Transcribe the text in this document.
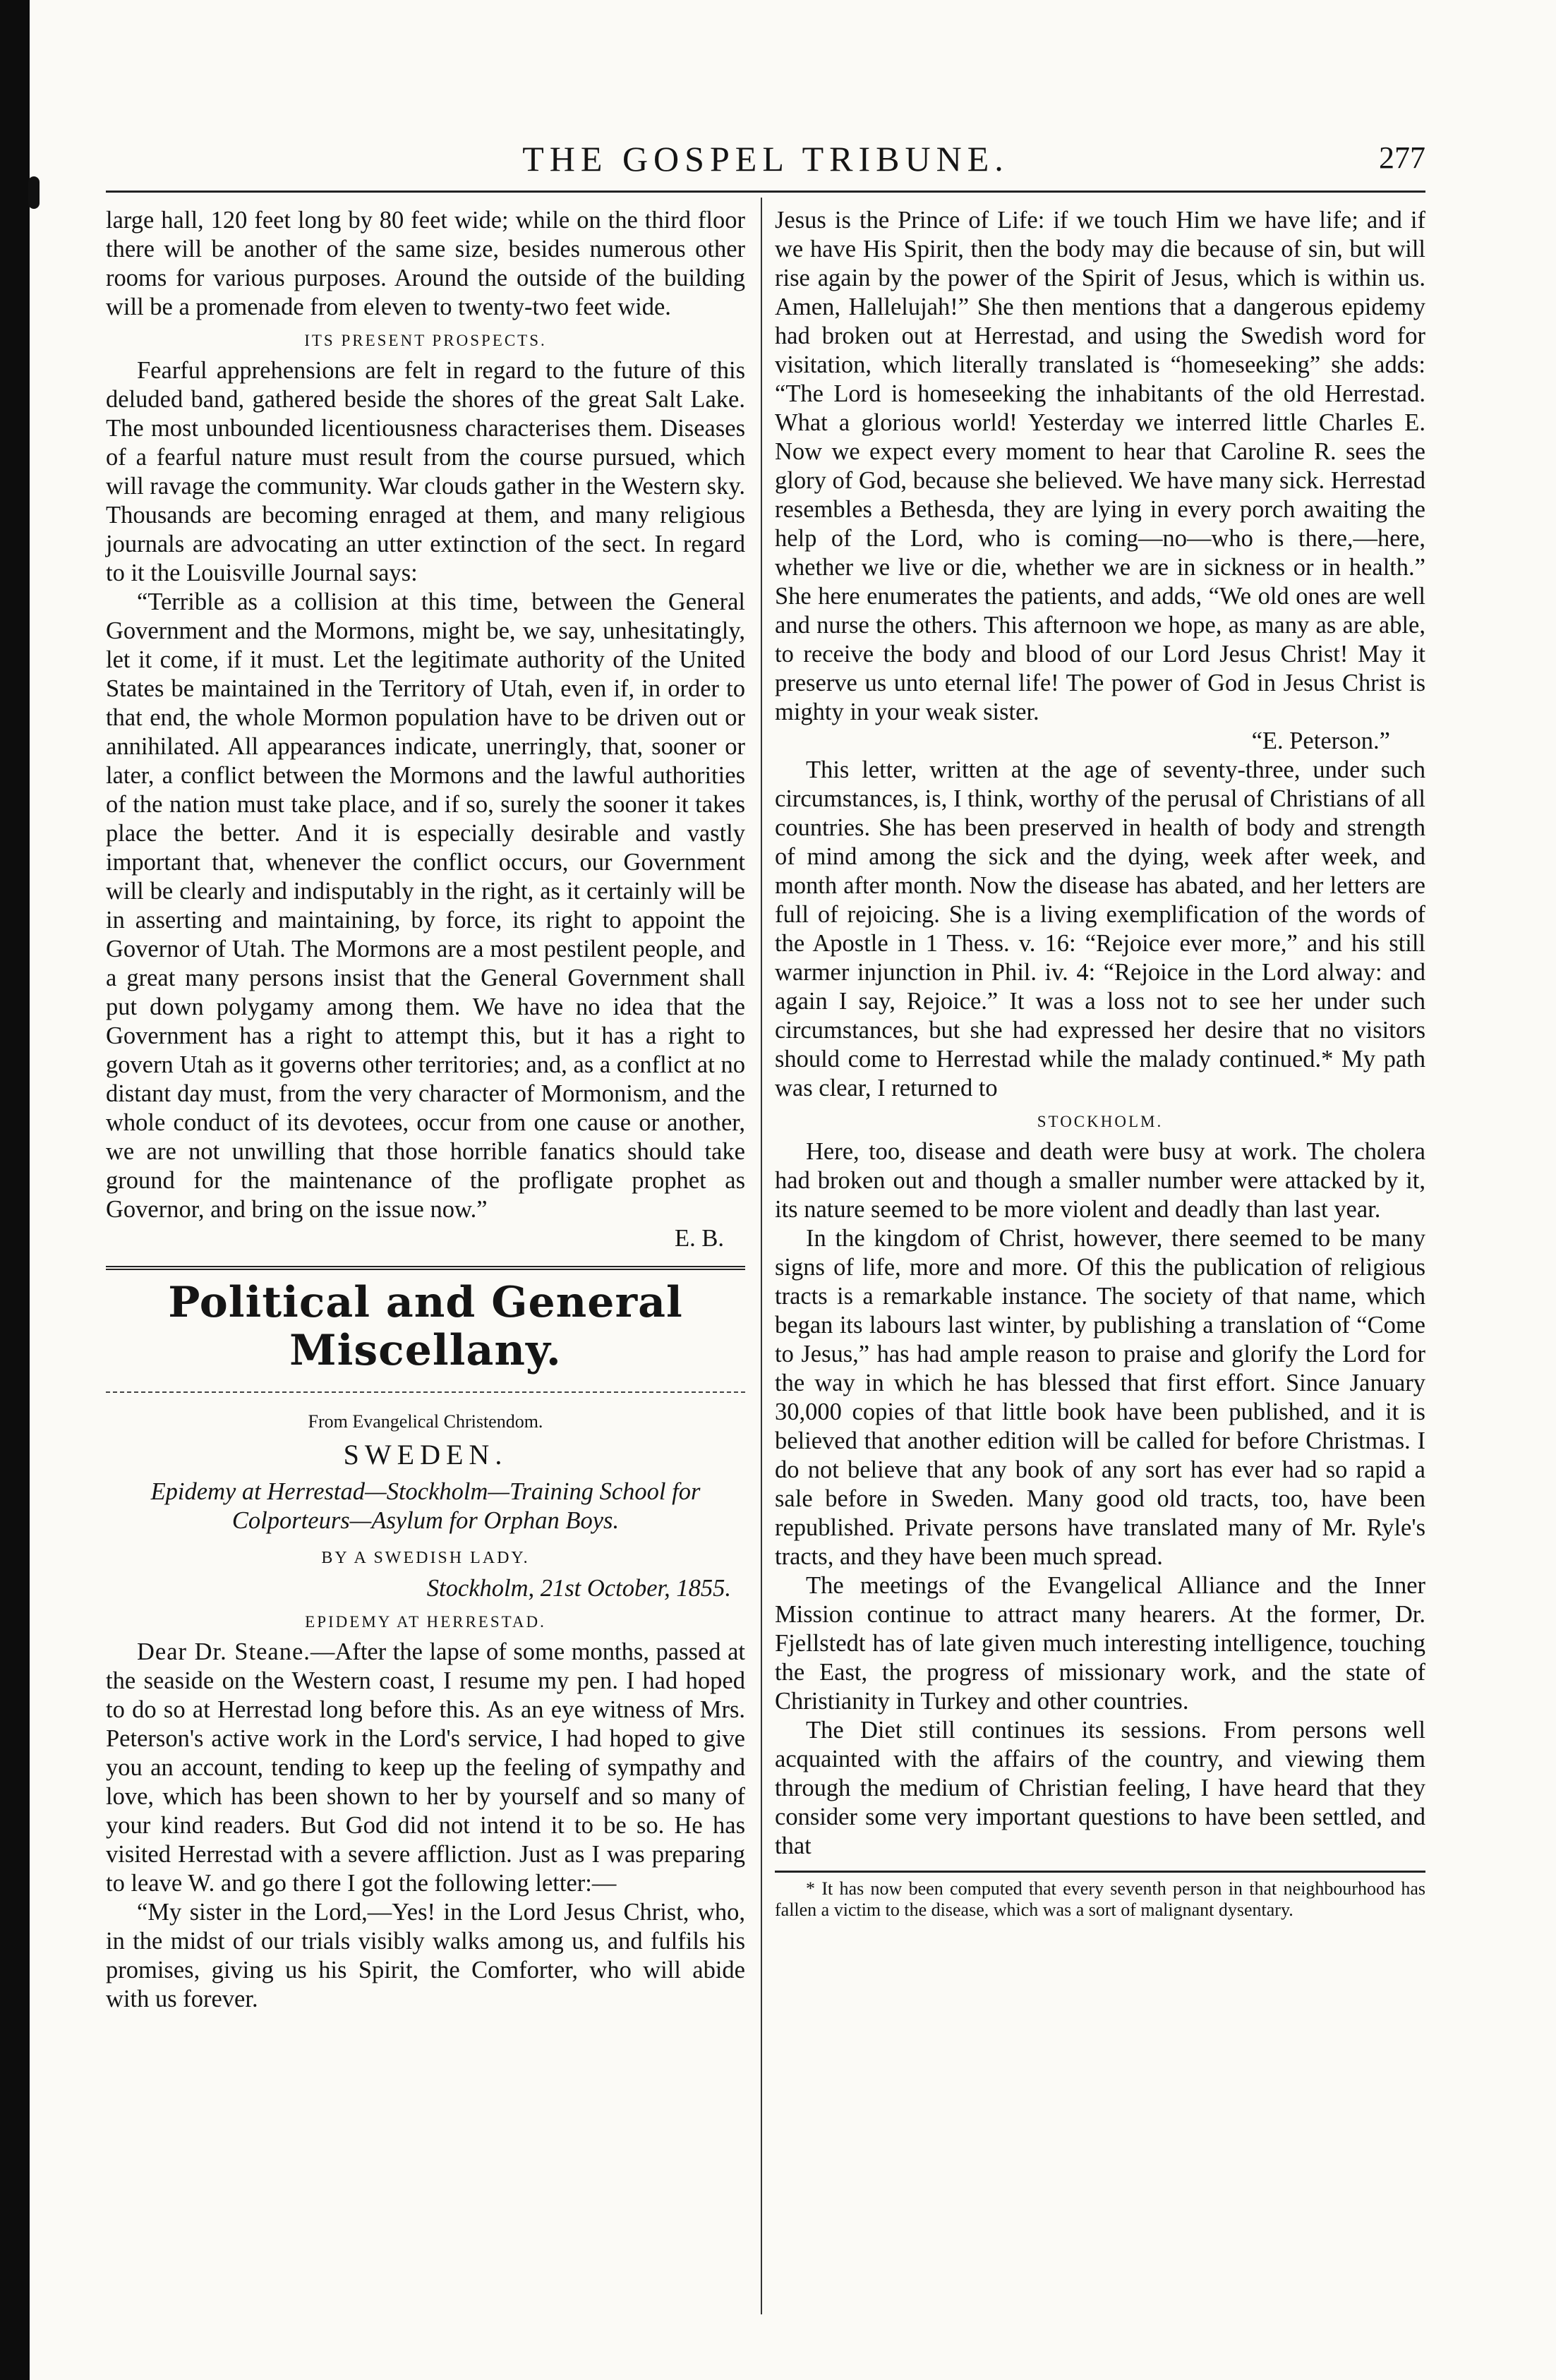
THE GOSPEL TRIBUNE.	277

large hall, 120 feet long by 80 feet wide; while on the third floor there will be another of the same size, besides numerous other rooms for various purposes. Around the outside of the building will be a promenade from eleven to twenty-two feet wide.

ITS PRESENT PROSPECTS.

Fearful apprehensions are felt in regard to the future of this deluded band, gathered beside the shores of the great Salt Lake. The most unbounded licentiousness characterises them. Diseases of a fearful nature must result from the course pursued, which will ravage the community. War clouds gather in the Western sky. Thousands are becoming enraged at them, and many religious journals are advocating an utter extinction of the sect. In regard to it the Louisville Journal says:

“Terrible as a collision at this time, between the General Government and the Mormons, might be, we say, unhesitatingly, let it come, if it must. Let the legitimate authority of the United States be maintained in the Territory of Utah, even if, in order to that end, the whole Mormon population have to be driven out or annihilated. All appearances indicate, unerringly, that, sooner or later, a conflict between the Mormons and the lawful authorities of the nation must take place, and if so, surely the sooner it takes place the better. And it is especially desirable and vastly important that, whenever the conflict occurs, our Government will be clearly and indisputably in the right, as it certainly will be in asserting and maintaining, by force, its right to appoint the Governor of Utah. The Mormons are a most pestilent people, and a great many persons insist that the General Government shall put down polygamy among them. We have no idea that the Government has a right to attempt this, but it has a right to govern Utah as it governs other territories; and, as a conflict at no distant day must, from the very character of Mormonism, and the whole conduct of its devotees, occur from one cause or another, we are not unwilling that those horrible fanatics should take ground for the maintenance of the profligate prophet as Governor, and bring on the issue now.”

E. B.

Political and General Miscellany.
From Evangelical Christendom.
SWEDEN.
Epidemy at Herrestad—Stockholm—Training School for Colporteurs—Asylum for Orphan Boys.
BY A SWEDISH LADY.
Stockholm, 21st October, 1855.
EPIDEMY AT HERRESTAD.

Dear Dr. Steane.—After the lapse of some months, passed at the seaside on the Western coast, I resume my pen. I had hoped to do so at Herrestad long before this. As an eye witness of Mrs. Peterson's active work in the Lord's service, I had hoped to give you an account, tending to keep up the feeling of sympathy and love, which has been shown to her by yourself and so many of your kind readers. But God did not intend it to be so. He has visited Herrestad with a severe affliction. Just as I was preparing to leave W. and go there I got the following letter:—

“My sister in the Lord,—Yes! in the Lord Jesus Christ, who, in the midst of our trials visibly walks among us, and fulfils his promises, giving us his Spirit, the Comforter, who will abide with us forever.

Jesus is the Prince of Life: if we touch Him we have life; and if we have His Spirit, then the body may die because of sin, but will rise again by the power of the Spirit of Jesus, which is within us. Amen, Hallelujah!” She then mentions that a dangerous epidemy had broken out at Herrestad, and using the Swedish word for visitation, which literally translated is “homeseeking” she adds: “The Lord is homeseeking the inhabitants of the old Herrestad. What a glorious world! Yesterday we interred little Charles E. Now we expect every moment to hear that Caroline R. sees the glory of God, because she believed. We have many sick. Herrestad resembles a Bethesda, they are lying in every porch awaiting the help of the Lord, who is coming—no—who is there,—here, whether we live or die, whether we are in sickness or in health.” She here enumerates the patients, and adds, “We old ones are well and nurse the others. This afternoon we hope, as many as are able, to receive the body and blood of our Lord Jesus Christ! May it preserve us unto eternal life! The power of God in Jesus Christ is mighty in your weak sister.

“E. Peterson.”

This letter, written at the age of seventy-three, under such circumstances, is, I think, worthy of the perusal of Christians of all countries. She has been preserved in health of body and strength of mind among the sick and the dying, week after week, and month after month. Now the disease has abated, and her letters are full of rejoicing. She is a living exemplification of the words of the Apostle in 1 Thess. v. 16: “Rejoice ever more,” and his still warmer injunction in Phil. iv. 4: “Rejoice in the Lord alway: and again I say, Rejoice.” It was a loss not to see her under such circumstances, but she had expressed her desire that no visitors should come to Herrestad while the malady continued.* My path was clear, I returned to

STOCKHOLM.

Here, too, disease and death were busy at work. The cholera had broken out and though a smaller number were attacked by it, its nature seemed to be more violent and deadly than last year.

In the kingdom of Christ, however, there seemed to be many signs of life, more and more. Of this the publication of religious tracts is a remarkable instance. The society of that name, which began its labours last winter, by publishing a translation of “Come to Jesus,” has had ample reason to praise and glorify the Lord for the way in which he has blessed that first effort. Since January 30,000 copies of that little book have been published, and it is believed that another edition will be called for before Christmas. I do not believe that any book of any sort has ever had so rapid a sale before in Sweden. Many good old tracts, too, have been republished. Private persons have translated many of Mr. Ryle's tracts, and they have been much spread.

The meetings of the Evangelical Alliance and the Inner Mission continue to attract many hearers. At the former, Dr. Fjellstedt has of late given much interesting intelligence, touching the East, the progress of missionary work, and the state of Christianity in Turkey and other countries.

The Diet still continues its sessions. From persons well acquainted with the affairs of the country, and viewing them through the medium of Christian feeling, I have heard that they consider some very important questions to have been settled, and that

* It has now been computed that every seventh person in that neighbourhood has fallen a victim to the disease, which was a sort of malignant dysentary.
